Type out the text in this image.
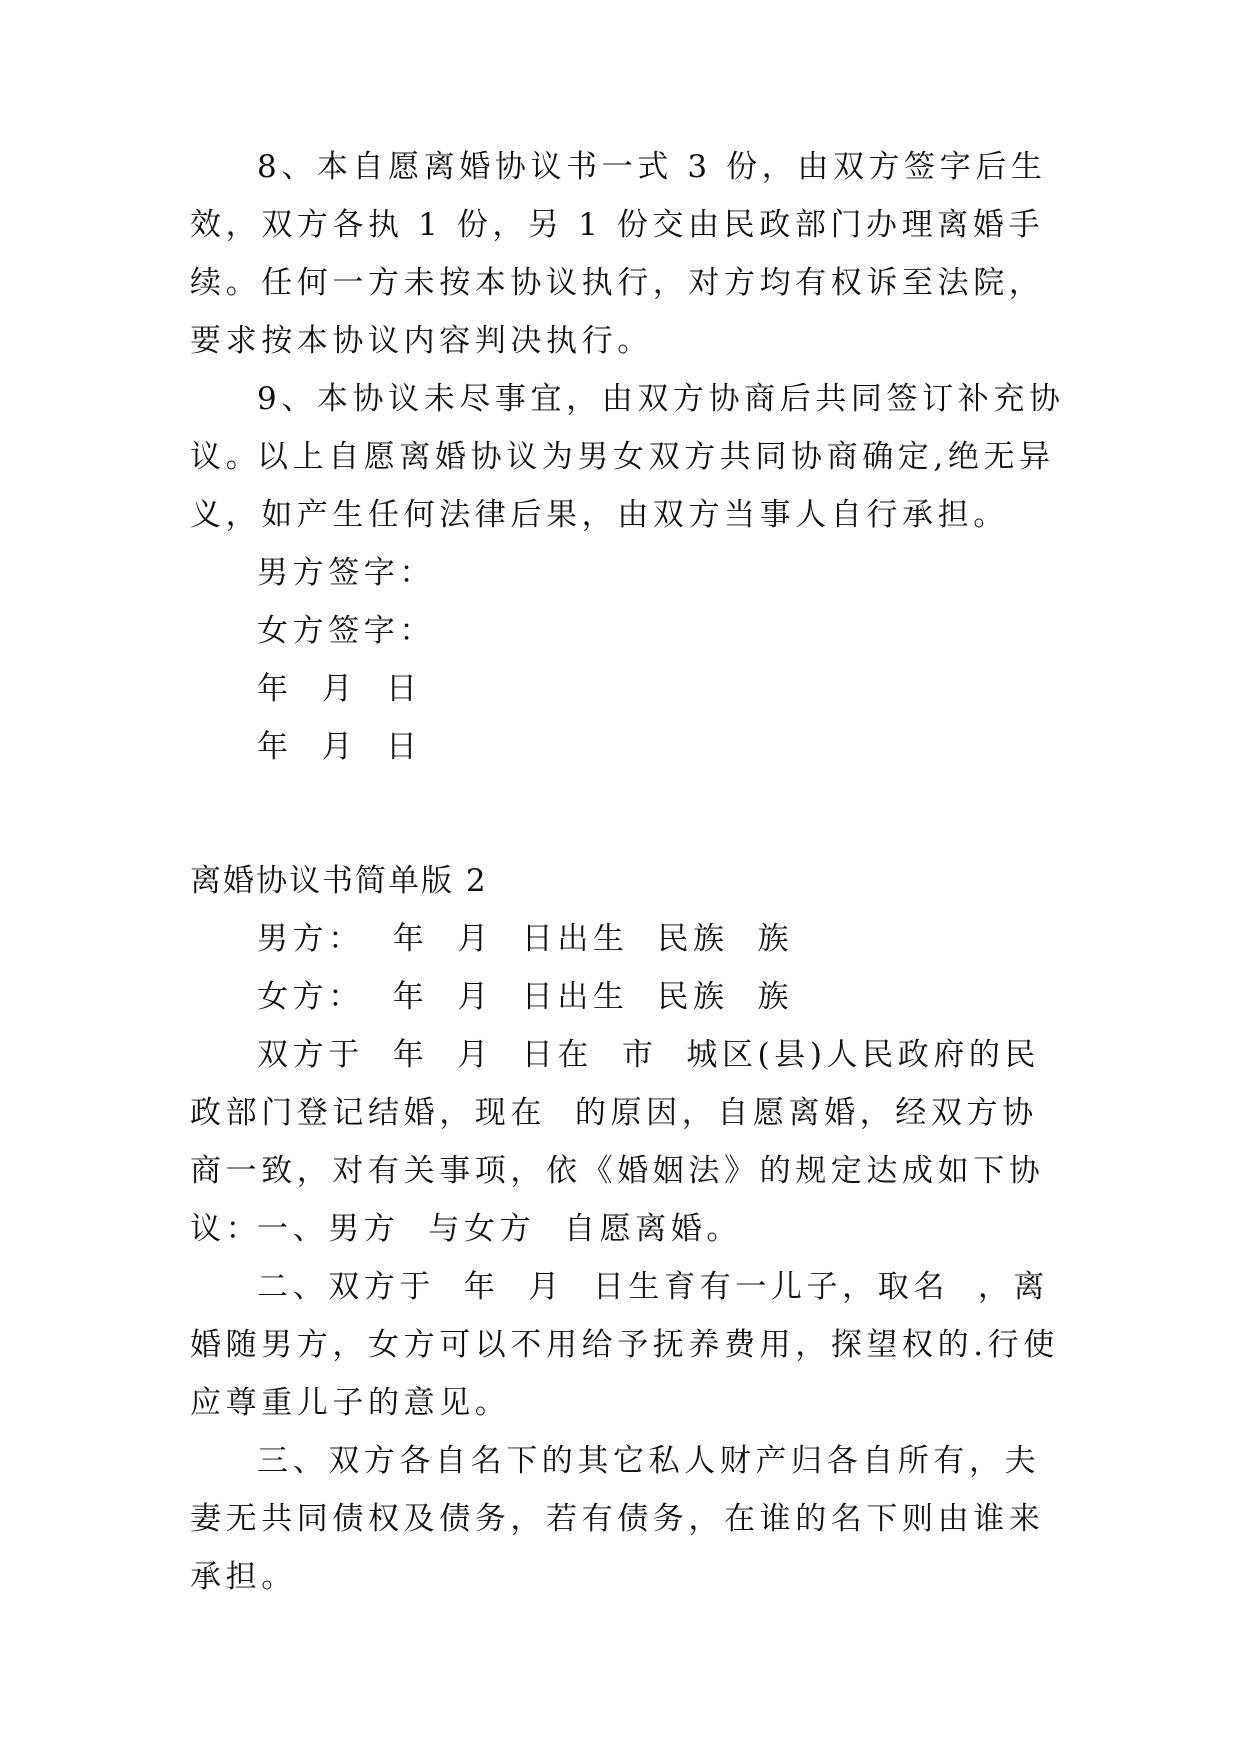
8、本自愿离婚协议书一式 3 份，由双方签字后生效，双方各执 1 份，另 1 份交由民政部门办理离婚手续。任何一方未按本协议执行，对方均有权诉至法院，要求按本协议内容判决执行。

9、本协议未尽事宜，由双方协商后共同签订补充协议。

以上自愿离婚协议为男女双方共同协商确定,绝无异义，如产生任何法律后果，由双方当事人自行承担。

男方签字：

女方签字：

年  月  日

年  月  日

离婚协议书简单版 2

男方：  年  月  日出生  民族  族

女方：  年  月  日出生  民族  族

双方于  年  月  日在  市  城区(县)人民政府的民政部门登记结婚，现在  的原因，自愿离婚，经双方协商一致，对有关事项，依《婚姻法》的规定达成如下协议：

一、男方  与女方  自愿离婚。

二、双方于  年  月  日生育有一儿子，取名  ，离婚随男方，女方可以不用给予抚养费用，探望权的.行使应尊重儿子的意见。

三、双方各自名下的其它私人财产归各自所有，夫妻无共同债权及债务，若有债务，在谁的名下则由谁来承担。
